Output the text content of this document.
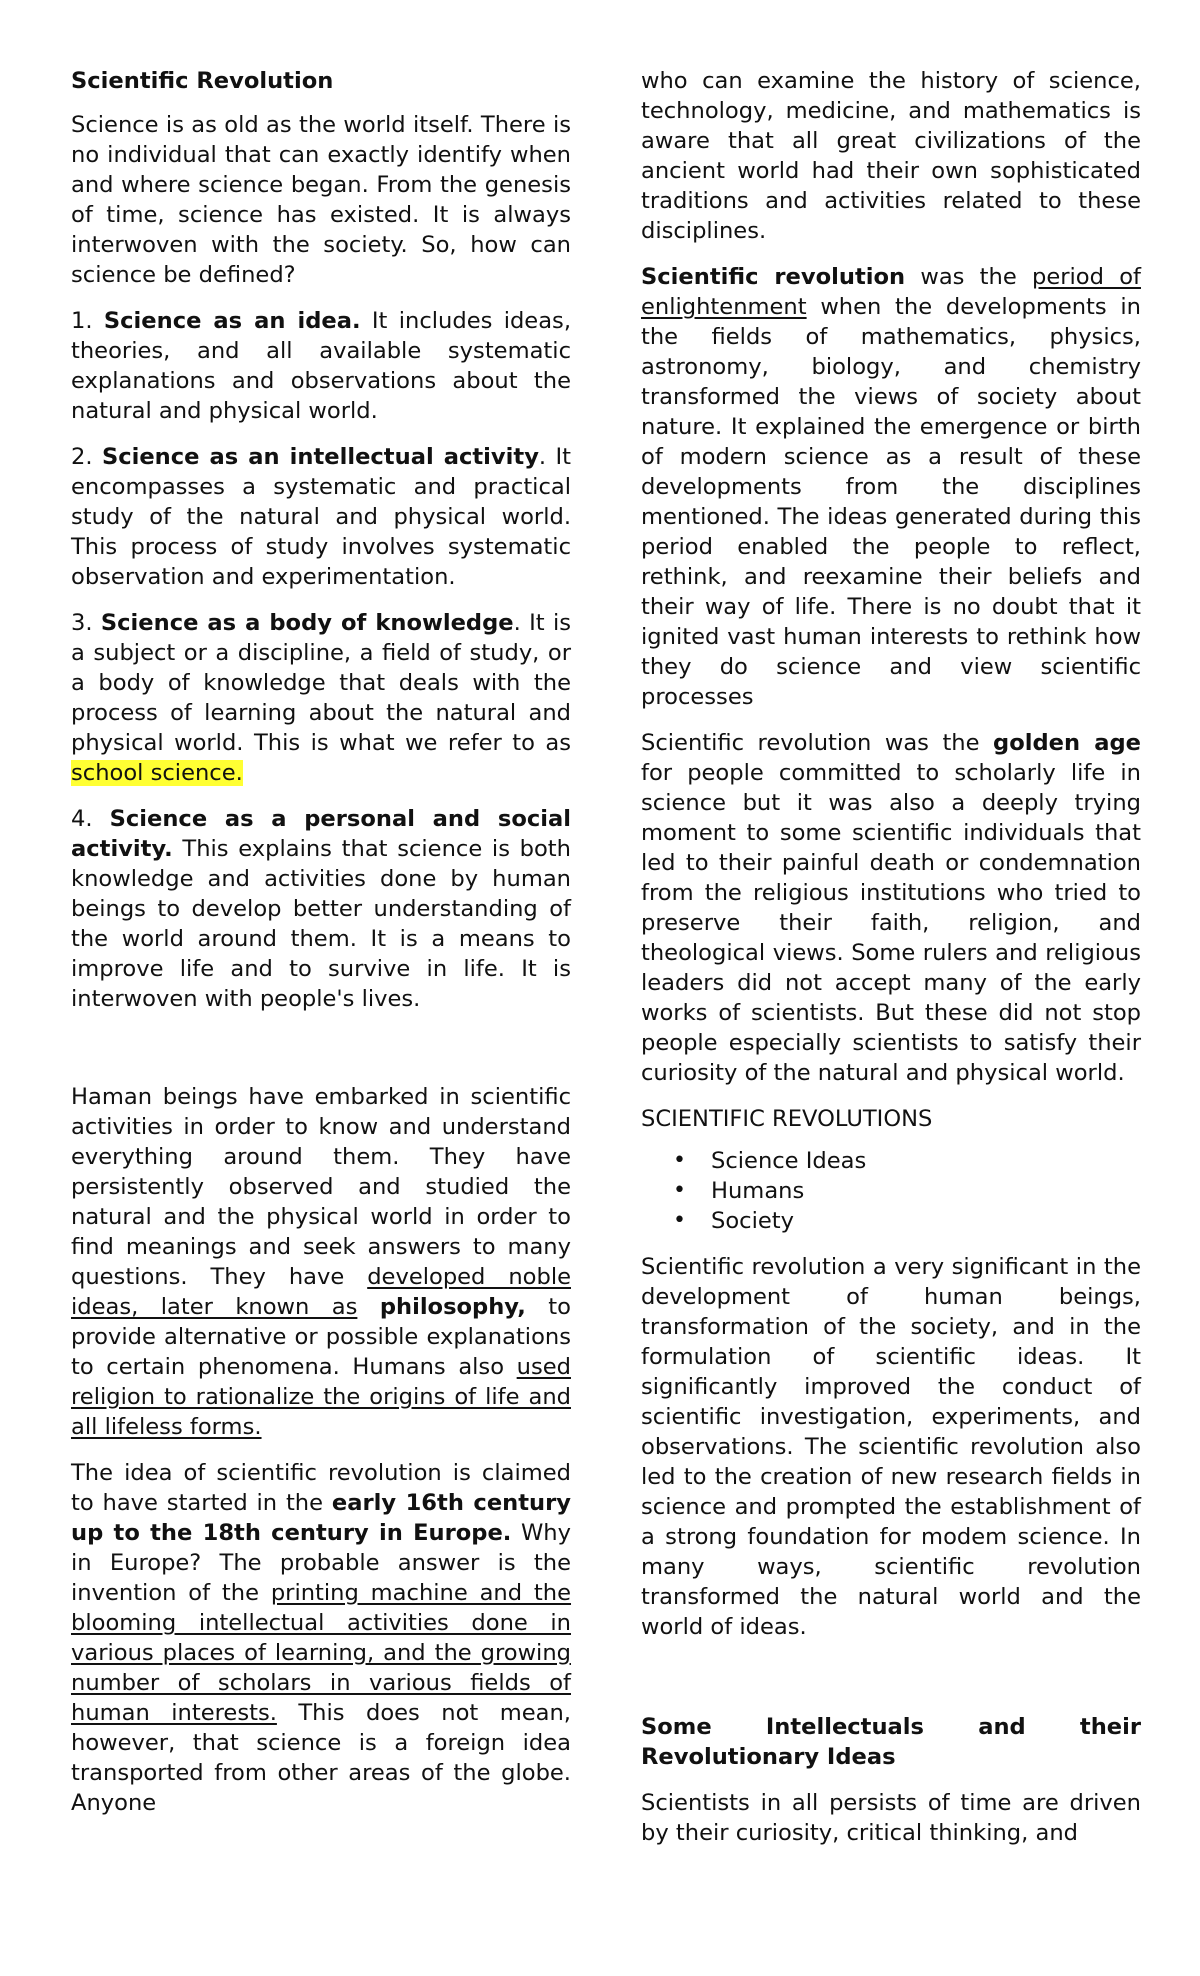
Scientific Revolution

Science is as old as the world itself. There is no individual that can exactly identify when and where science began. From the genesis of time, science has existed. It is always interwoven with the society. So, how can science be defined?

1. Science as an idea. It includes ideas, theories, and all available systematic explanations and observations about the natural and physical world.

2. Science as an intellectual activity. It encompasses a systematic and practical study of the natural and physical world. This process of study involves systematic observation and experimentation.

3. Science as a body of knowledge. It is a subject or a discipline, a field of study, or a body of knowledge that deals with the process of learning about the natural and physical world. This is what we refer to as school science.

4. Science as a personal and social activity. This explains that science is both knowledge and activities done by human beings to develop better understanding of the world around them. It is a means to improve life and to survive in life. It is interwoven with people's lives.

Haman beings have embarked in scientific activities in order to know and understand everything around them. They have persistently observed and studied the natural and the physical world in order to find meanings and seek answers to many questions. They have developed noble ideas, later known as philosophy, to provide alternative or possible explanations to certain phenomena. Humans also used religion to rationalize the origins of life and all lifeless forms.

The idea of scientific revolution is claimed to have started in the early 16th century up to the 18th century in Europe. Why in Europe? The probable answer is the invention of the printing machine and the blooming intellectual activities done in various places of learning, and the growing number of scholars in various fields of human interests. This does not mean, however, that science is a foreign idea transported from other areas of the globe. Anyone

who can examine the history of science, technology, medicine, and mathematics is aware that all great civilizations of the ancient world had their own sophisticated traditions and activities related to these disciplines.

Scientific revolution was the period of enlightenment when the developments in the fields of mathematics, physics, astronomy, biology, and chemistry transformed the views of society about nature. It explained the emergence or birth of modern science as a result of these developments from the disciplines mentioned. The ideas generated during this period enabled the people to reflect, rethink, and reexamine their beliefs and their way of life. There is no doubt that it ignited vast human interests to rethink how they do science and view scientific processes

Scientific revolution was the golden age for people committed to scholarly life in science but it was also a deeply trying moment to some scientific individuals that led to their painful death or condemnation from the religious institutions who tried to preserve their faith, religion, and theological views. Some rulers and religious leaders did not accept many of the early works of scientists. But these did not stop people especially scientists to satisfy their curiosity of the natural and physical world.

SCIENTIFIC REVOLUTIONS

• Science Ideas
• Humans
• Society

Scientific revolution a very significant in the development of human beings, transformation of the society, and in the formulation of scientific ideas. It significantly improved the conduct of scientific investigation, experiments, and observations. The scientific revolution also led to the creation of new research fields in science and prompted the establishment of a strong foundation for modem science. In many ways, scientific revolution transformed the natural world and the world of ideas.

Some Intellectuals and their Revolutionary Ideas

Scientists in all persists of time are driven by their curiosity, critical thinking, and
